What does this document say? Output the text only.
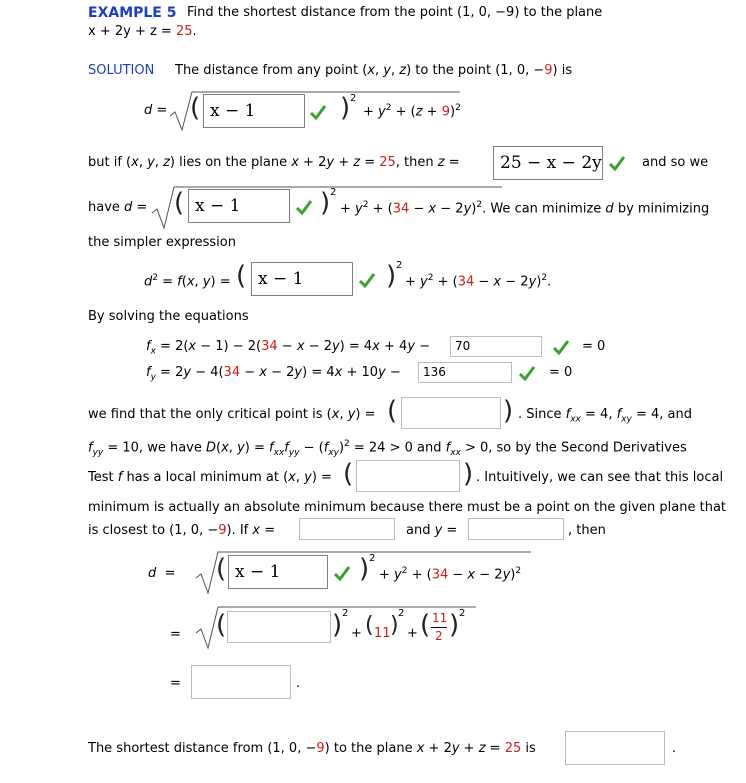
EXAMPLE 5 Find the shortest distance from the point (1, 0, −9) to the plane
x + 2y + z = 25.
SOLUTION The distance from any point (x, y, z) to the point (1, 0, −9) is
d = ( x − 1	) 2
+ $y^2 + (z + 9)^2$
but if (x, y, z) lies on the plane x + 2y + z = 25, then z =	25 − x − 2y	and so we
have d = ( x − 1	) 2
+ $y^2 + (34 - x - 2y)^2$. We can minimize d by minimizing
the simpler expression
$d^2 = f(x$, y) = ( x − 1	) 2
+ $y^2 + (34 - x - 2y)^2$.
By solving the equations
$f_x = 2(x - 1) - 2(34 - x - 2y) = 4x + 4y$ −	70	= 0
$f_y = 2y - 4(34 - x - 2y) = 4x + 10y$ −	136	= 0
we find that the only critical point is (x, y) = (	) . Since $f_{xx} = 4$, $f_{xy} = 4$, and
$f_{yy} = 10$, we have D(x, $y) = f_{xx}f_{yy} - (f_{xy})^2 = 24 > 0$ and $f_{xx} > 0$, so by the Second Derivatives
Test f has a local minimum at (x, y) = (	) . Intuitively, we can see that this local
minimum is actually an absolute minimum because there must be a point on the given plane that
is closest to (1, 0, −9). If x =	and y =	, then
d  = ( x − 1	) 2
+ $y^2 + (34 - x - 2y)^2$
= (	) 2
+ ( 11 ) 2
+ ( 11
2 ) 2
=	.
The shortest distance from (1, 0, −9) to the plane x + 2y + z = 25 is	.
